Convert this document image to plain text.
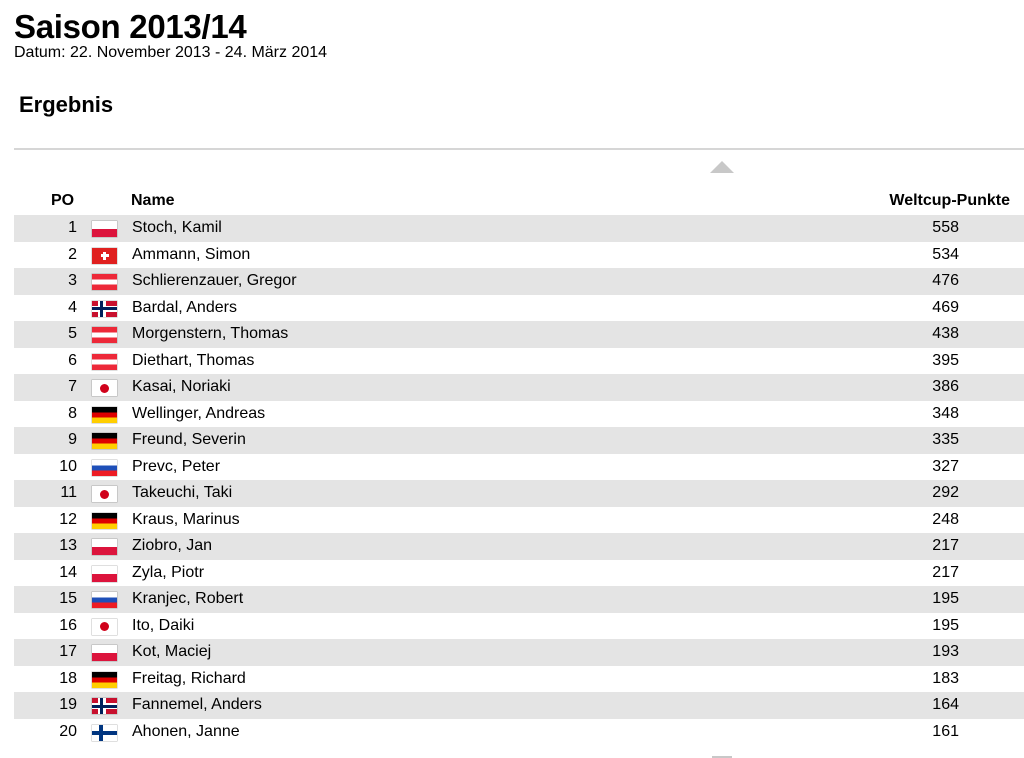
Saison 2013/14
Datum: 22. November 2013 - 24. März 2014
Ergebnis
PO	Name	Weltcup-Punkte
1	Stoch, Kamil	558
2	Ammann, Simon	534
3	Schlierenzauer, Gregor	476
4	Bardal, Anders	469
5	Morgenstern, Thomas	438
6	Diethart, Thomas	395
7	Kasai, Noriaki	386
8	Wellinger, Andreas	348
9	Freund, Severin	335
10	Prevc, Peter	327
11	Takeuchi, Taki	292
12	Kraus, Marinus	248
13	Ziobro, Jan	217
14	Zyla, Piotr	217
15	Kranjec, Robert	195
16	Ito, Daiki	195
17	Kot, Maciej	193
18	Freitag, Richard	183
19	Fannemel, Anders	164
20	Ahonen, Janne	161
